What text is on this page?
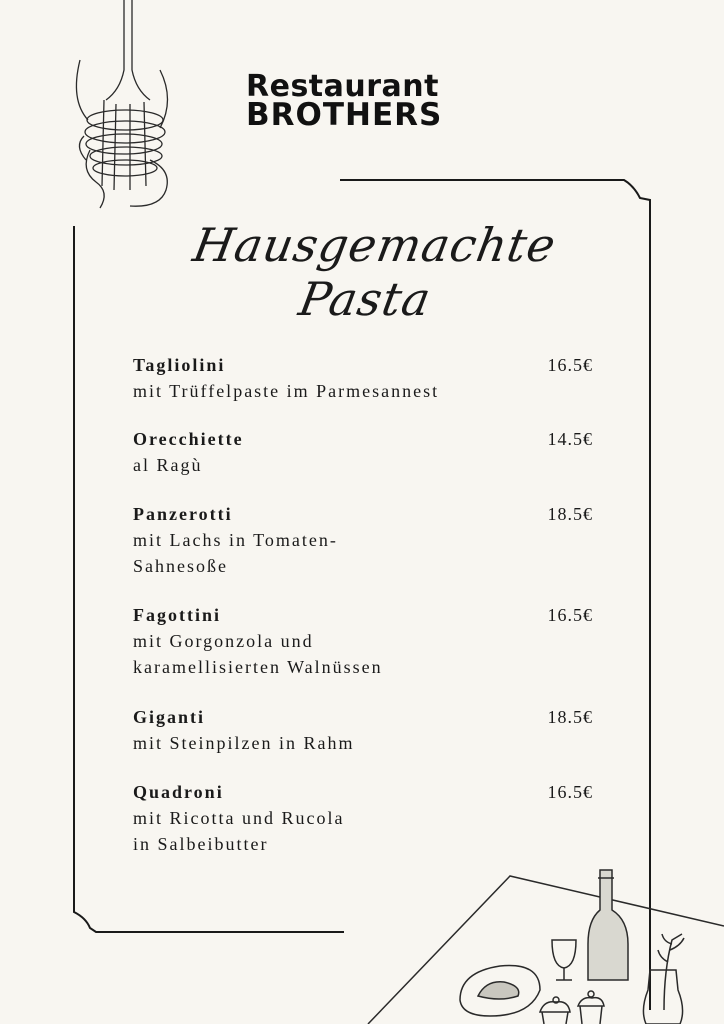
Restaurant
BROTHERS
Hausgemachte Pasta
Tagliolini
mit Trüffelpaste im Parmesannest
16.5€
Orecchiette
al Ragù
14.5€
Panzerotti
mit Lachs in Tomaten-
Sahnesoße
18.5€
Fagottini
mit Gorgonzola und
karamellisierten Walnüssen
16.5€
Giganti
mit Steinpilzen in Rahm
18.5€
Quadroni
mit Ricotta und Rucola
in Salbeibutter
16.5€
